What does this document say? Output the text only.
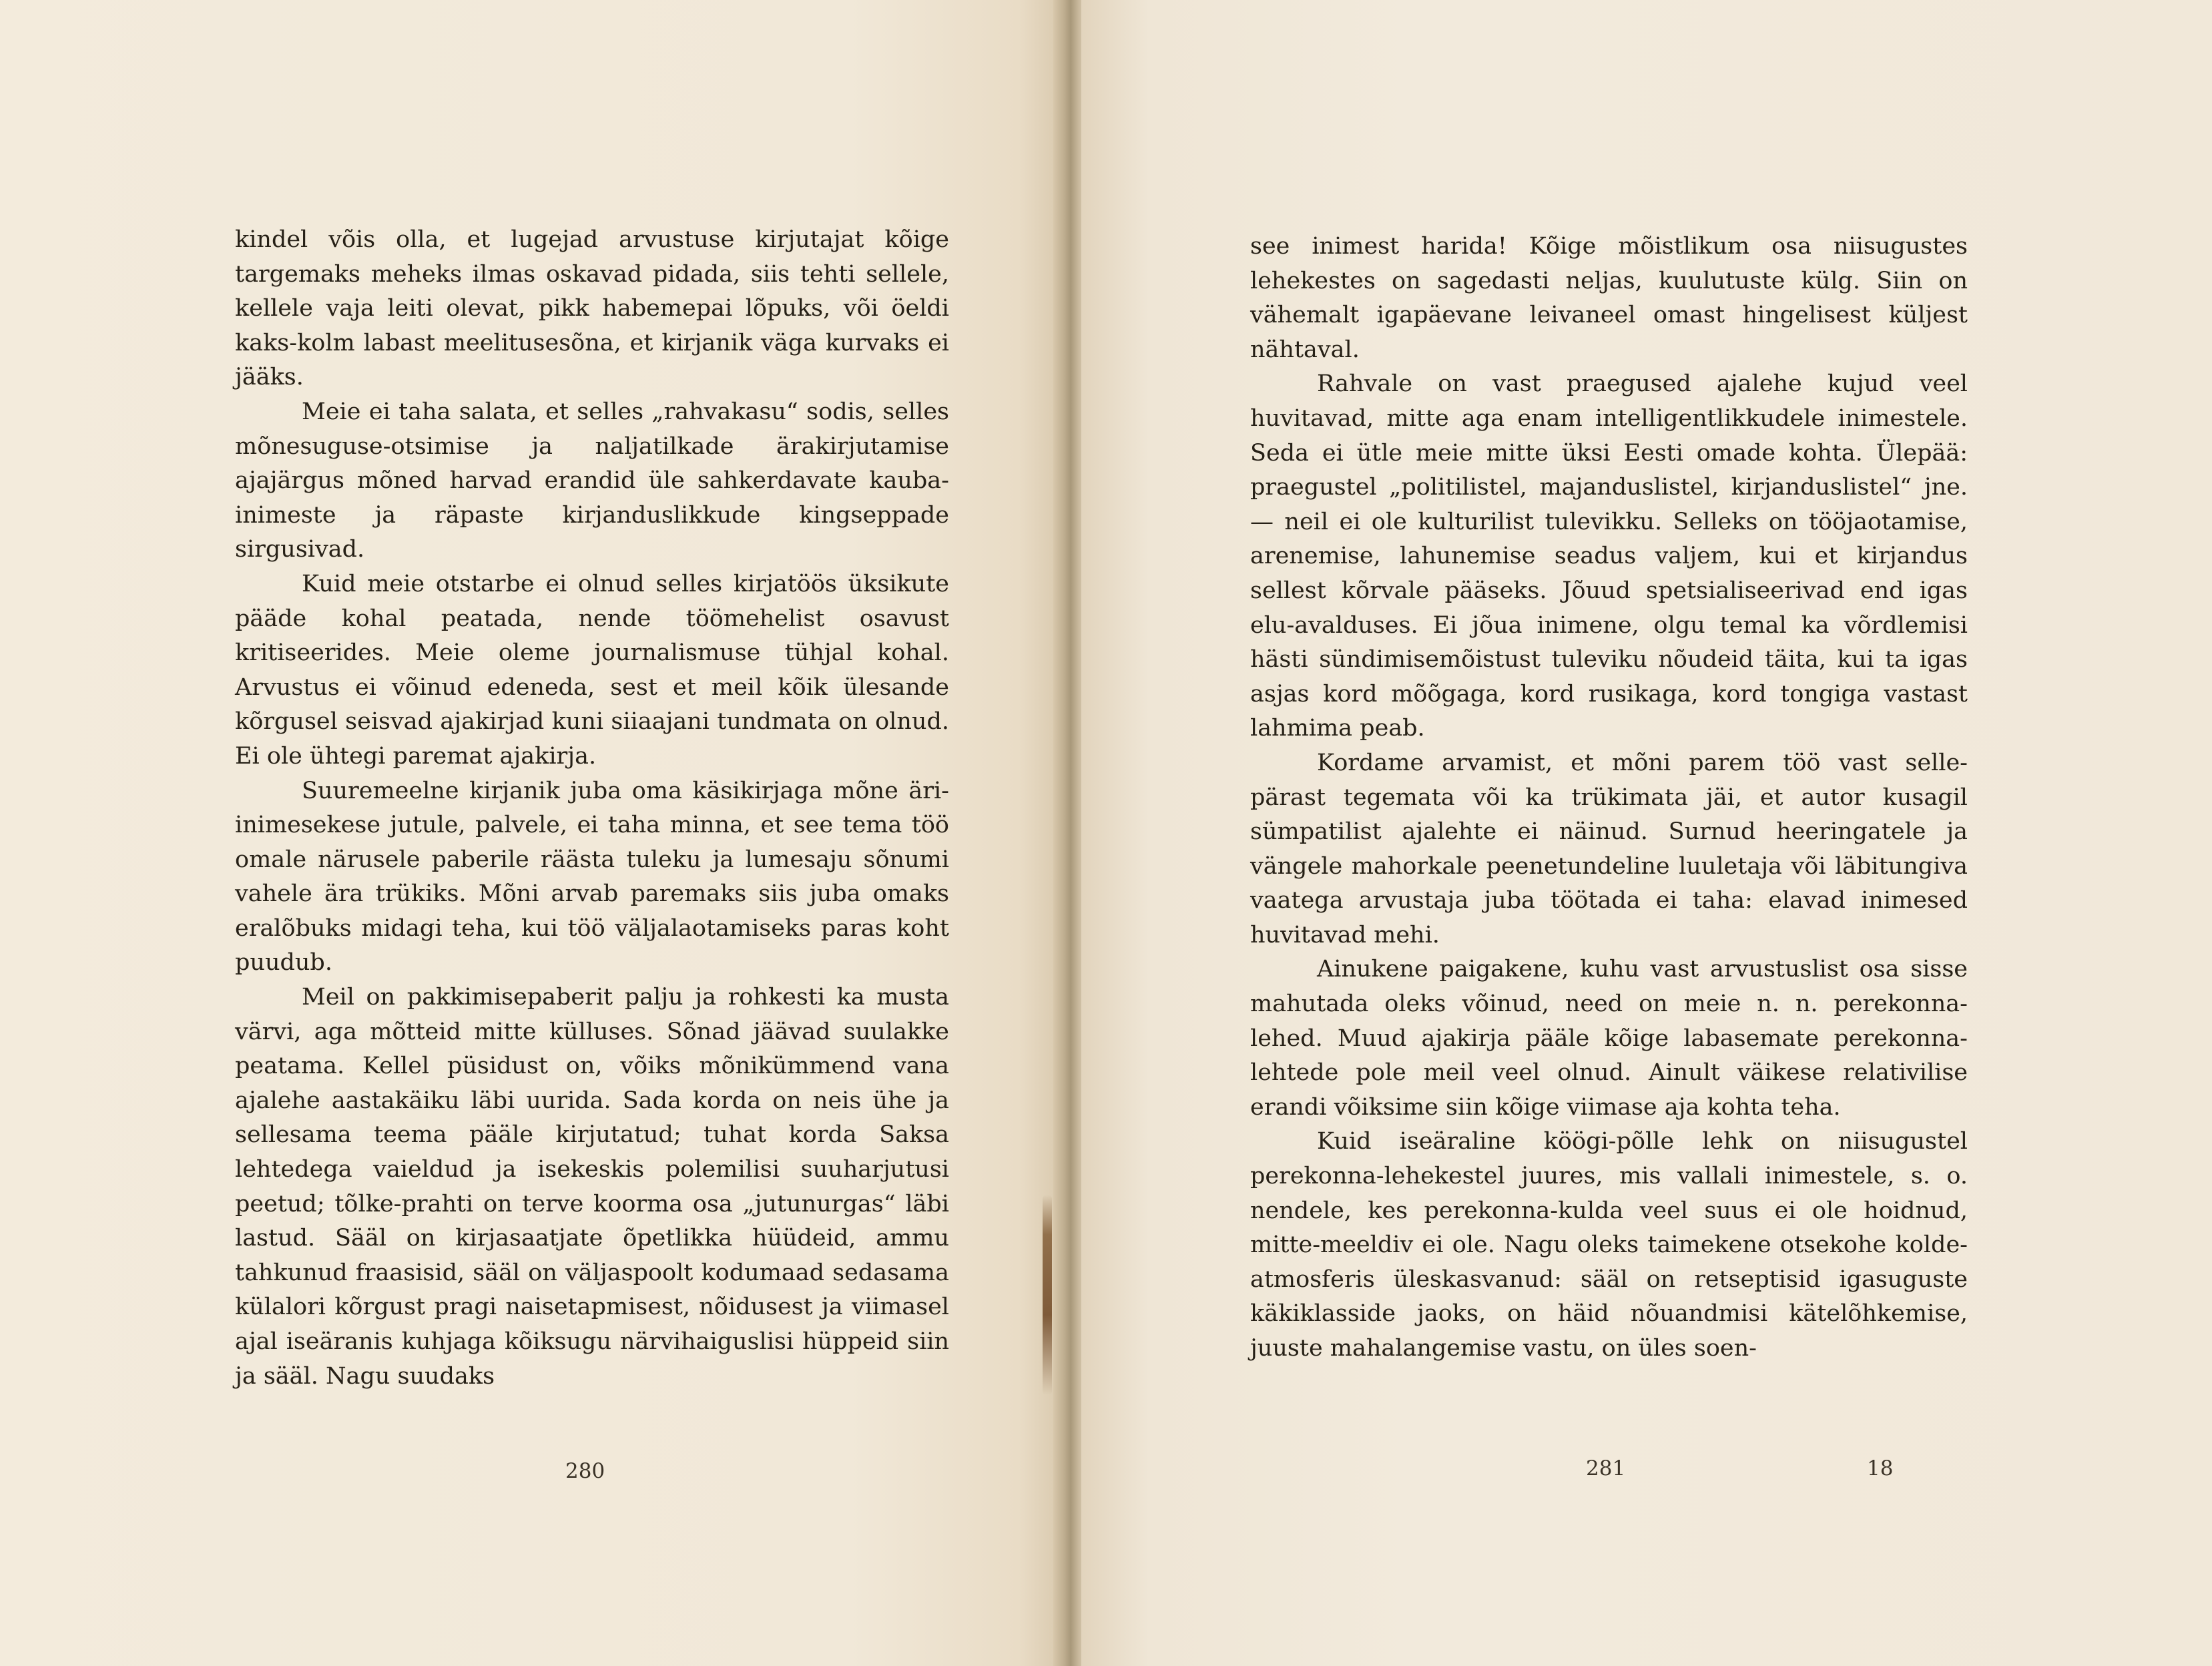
kindel võis olla, et lugejad arvustuse kirjutajat kõige targemaks meheks ilmas oskavad pidada, siis tehti sellele, kellele vaja leiti olevat, pikk habemepai lõpuks, või öeldi kaks-kolm labast meelitusesõna, et kirjanik väga kurvaks ei jääks.

Meie ei taha salata, et selles „rahvakasu“ sodis, selles mõnesuguse-otsimise ja naljatilkade ärakirjutamise ajajärgus mõned harvad erandid üle sahkerdavate kauba-inimeste ja räpaste kirjanduslikkude kingseppade sirgusivad.

Kuid meie otstarbe ei olnud selles kirjatöös üksikute pääde kohal peatada, nende töömehelist osavust kritiseerides. Meie oleme journalismuse tühjal kohal. Arvustus ei võinud edeneda, sest et meil kõik ülesande kõrgusel seisvad ajakirjad kuni siiaajani tundmata on olnud. Ei ole ühtegi paremat ajakirja.

Suuremeelne kirjanik juba oma käsikirjaga mõne äri-inimesekese jutule, palvele, ei taha minna, et see tema töö omale närusele paberile räästa tuleku ja lumesaju sõnumi vahele ära trükiks. Mõni arvab paremaks siis juba omaks eralõbuks midagi teha, kui töö väljalaotamiseks paras koht puudub.

Meil on pakkimisepaberit palju ja rohkesti ka musta värvi, aga mõtteid mitte külluses. Sõnad jäävad suulakke peatama. Kellel püsidust on, võiks mõnikümmend vana ajalehe aastakäiku läbi uurida. Sada korda on neis ühe ja sellesama teema pääle kirjutatud; tuhat korda Saksa lehtedega vaieldud ja isekeskis polemilisi suuharjutusi peetud; tõlke-prahti on terve koorma osa „jutunurgas“ läbi lastud. Sääl on kirjasaatjate õpetlikka hüüdeid, ammu tahkunud fraasisid, sääl on väljaspoolt kodumaad sedasama külalori kõrgust pragi naisetapmisest, nõidusest ja viimasel ajal iseäranis kuhjaga kõiksugu närvihaiguslisi hüppeid siin ja sääl. Nagu suudaks

280

see inimest harida! Kõige mõistlikum osa niisugustes lehekestes on sagedasti neljas, kuulutuste külg. Siin on vähemalt igapäevane leivaneel omast hingelisest küljest nähtaval.

Rahvale on vast praegused ajalehe kujud veel huvitavad, mitte aga enam intelligentlikkudele inimestele. Seda ei ütle meie mitte üksi Eesti omade kohta. Ülepää: praegustel „politilistel, majanduslistel, kirjanduslistel“ jne. — neil ei ole kulturilist tulevikku. Selleks on tööjaotamise, arenemise, lahunemise seadus valjem, kui et kirjandus sellest kõrvale pääseks. Jõuud spetsialiseerivad end igas elu-avalduses. Ei jõua inimene, olgu temal ka võrdlemisi hästi sündimisemõistust tuleviku nõudeid täita, kui ta igas asjas kord mõõgaga, kord rusikaga, kord tongiga vastast lahmima peab.

Kordame arvamist, et mõni parem töö vast selle-pärast tegemata või ka trükimata jäi, et autor kusagil sümpatilist ajalehte ei näinud. Surnud heeringatele ja vängele mahorkale peenetundeline luuletaja või läbitungiva vaatega arvustaja juba töötada ei taha: elavad inimesed huvitavad mehi.

Ainukene paigakene, kuhu vast arvustuslist osa sisse mahutada oleks võinud, need on meie n. n. perekonna-lehed. Muud ajakirja pääle kõige labasemate perekonna-lehtede pole meil veel olnud. Ainult väikese relativilise erandi võiksime siin kõige viimase aja kohta teha.

Kuid iseäraline köögi-põlle lehk on niisugustel perekonna-lehekestel juures, mis vallali inimestele, s. o. nendele, kes perekonna-kulda veel suus ei ole hoidnud, mitte-meeldiv ei ole. Nagu oleks taimekene otsekohe kolde-atmosferis üleskasvanud: sääl on retseptisid igasuguste käkiklasside jaoks, on häid nõuandmisi kätelõhkemise, juuste mahalangemise vastu, on üles soen-

281	18
